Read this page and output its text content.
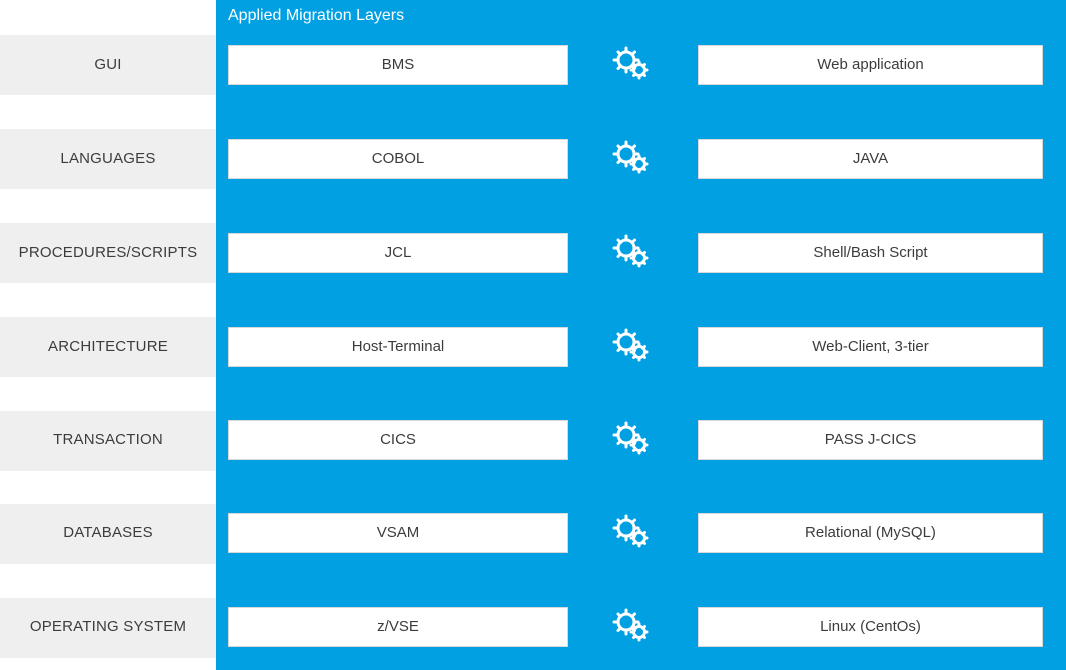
Applied Migration Layers
GUI	BMS	Web application
LANGUAGES	COBOL	JAVA
PROCEDURES/SCRIPTS	JCL	Shell/Bash Script
ARCHITECTURE	Host-Terminal	Web-Client, 3-tier
TRANSACTION	CICS	PASS J-CICS
DATABASES	VSAM	Relational (MySQL)
OPERATING SYSTEM	z/VSE	Linux (CentOs)
